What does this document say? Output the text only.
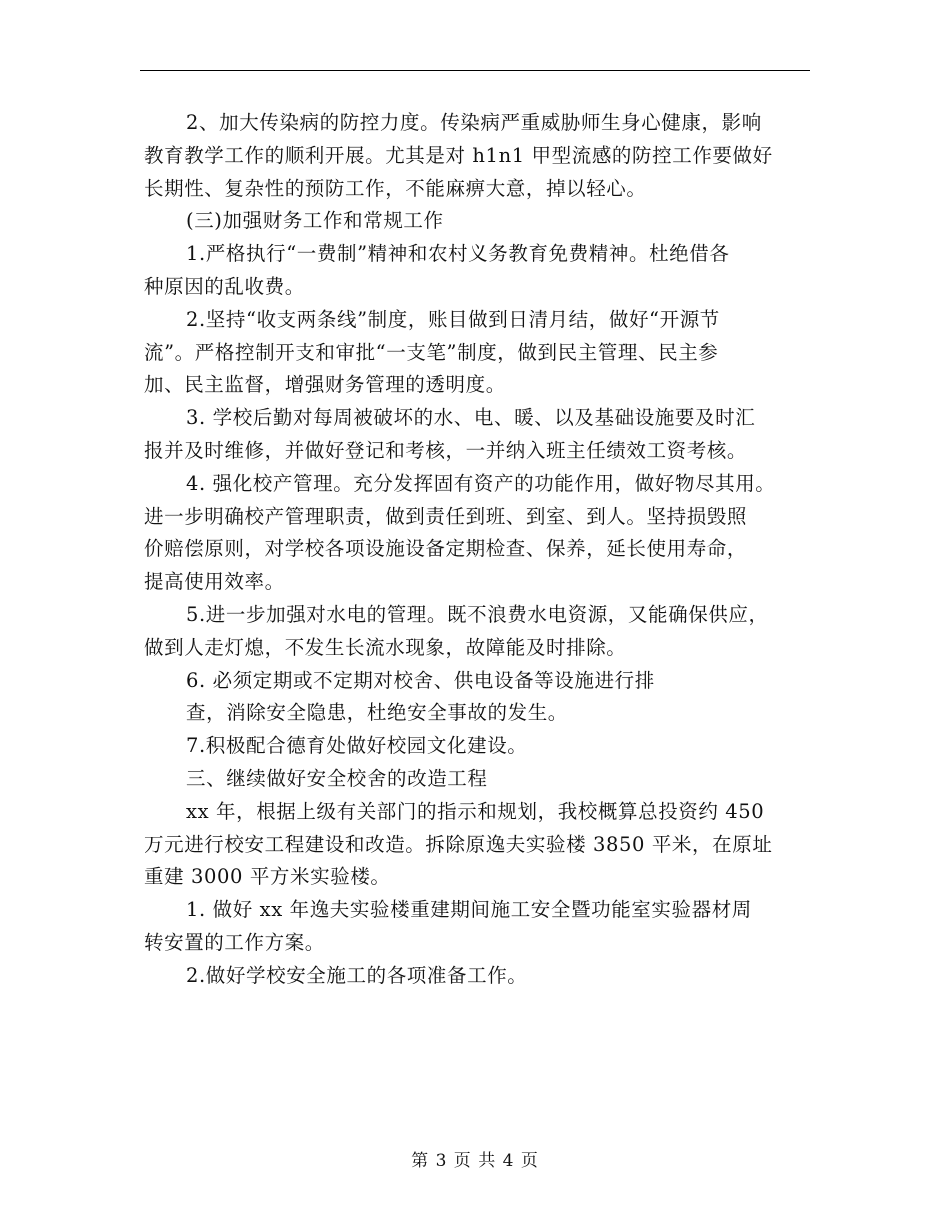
2、加大传染病的防控力度。传染病严重威胁师生身心健康，影响
教育教学工作的顺利开展。尤其是对 h1n1 甲型流感的防控工作要做好
长期性、复杂性的预防工作，不能麻痹大意，掉以轻心。
(三)加强财务工作和常规工作
1.严格执行“一费制”精神和农村义务教育免费精神。杜绝借各
种原因的乱收费。
2.坚持“收支两条线”制度，账目做到日清月结，做好“开源节
流”。严格控制开支和审批“一支笔”制度，做到民主管理、民主参
加、民主监督，增强财务管理的透明度。
3. 学校后勤对每周被破坏的水、电、暖、以及基础设施要及时汇
报并及时维修，并做好登记和考核，一并纳入班主任绩效工资考核。
4. 强化校产管理。充分发挥固有资产的功能作用，做好物尽其用。
进一步明确校产管理职责，做到责任到班、到室、到人。坚持损毁照
价赔偿原则，对学校各项设施设备定期检查、保养，延长使用寿命，
提高使用效率。
5.进一步加强对水电的管理。既不浪费水电资源，又能确保供应，
做到人走灯熄，不发生长流水现象，故障能及时排除。
6. 必须定期或不定期对校舍、供电设备等设施进行排
查，消除安全隐患，杜绝安全事故的发生。
7.积极配合德育处做好校园文化建设。
三、继续做好安全校舍的改造工程
xx 年，根据上级有关部门的指示和规划，我校概算总投资约 450
万元进行校安工程建设和改造。拆除原逸夫实验楼 3850 平米，在原址
重建 3000 平方米实验楼。
1. 做好 xx 年逸夫实验楼重建期间施工安全暨功能室实验器材周
转安置的工作方案。
2.做好学校安全施工的各项准备工作。
第 3 页 共 4 页
